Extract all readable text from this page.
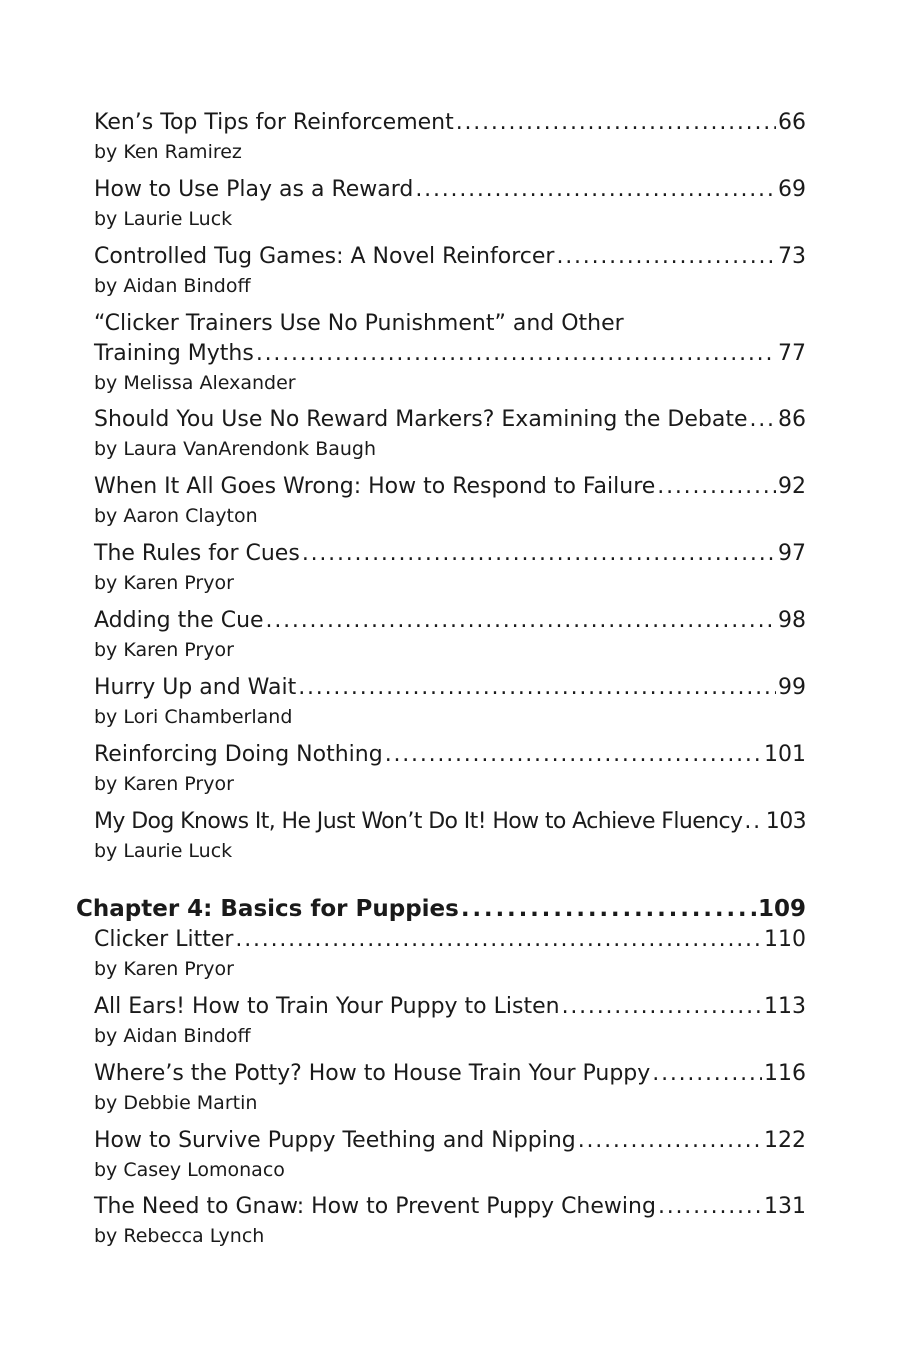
Ken’s Top Tips for Reinforcement . . .	66
by Ken Ramirez
How to Use Play as a Reward . . .	69
by Laurie Luck
Controlled Tug Games: A Novel Reinforcer . . .	73
by Aidan Bindoff
“Clicker Trainers Use No Punishment” and Other
Training Myths . . .	77
by Melissa Alexander
Should You Use No Reward Markers? Examining the Debate . . . 86
by Laura VanArendonk Baugh
When It All Goes Wrong: How to Respond to Failure . . .	92
by Aaron Clayton
The Rules for Cues . . .	97
by Karen Pryor
Adding the Cue . . .	98
by Karen Pryor
Hurry Up and Wait . . .	99
by Lori Chamberland
Reinforcing Doing Nothing . . .	101
by Karen Pryor
My Dog Knows It, He Just Won’t Do It! How to Achieve Fluency . . . 103
by Laurie Luck
Chapter 4: Basics for Puppies . . .	109
Clicker Litter . . .	110
by Karen Pryor
All Ears! How to Train Your Puppy to Listen . . .	113
by Aidan Bindoff
Where’s the Potty? How to House Train Your Puppy . . .	116
by Debbie Martin
How to Survive Puppy Teething and Nipping . . .	122
by Casey Lomonaco
The Need to Gnaw: How to Prevent Puppy Chewing . . .	131
by Rebecca Lynch
